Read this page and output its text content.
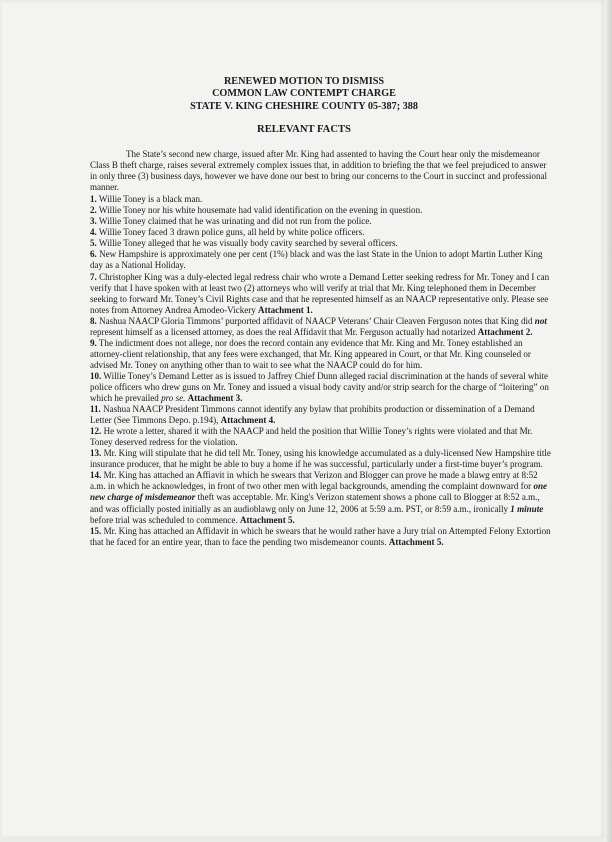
RENEWED MOTION TO DISMISS
COMMON LAW CONTEMPT CHARGE
STATE V. KING CHESHIRE COUNTY 05-387; 388
RELEVANT FACTS

The State’s second new charge, issued after Mr. King had assented to having the Court hear only the misdemeanor Class B theft charge, raises several extremely complex issues that, in addition to briefing the that we feel prejudiced to answer in only three (3) business days, however we have done our best to bring our concerns to the Court in succinct and professional manner.

1. Willie Toney is a black man.

2. Willie Toney nor his white housemate had valid identification on the evening in question.

3. Willie Toney claimed that he was urinating and did not run from the police.

4. Willie Toney faced 3 drawn police guns, all held by white police officers.

5. Willie Toney alleged that he was visually body cavity searched by several officers.

6. New Hampshire is approximately one per cent (1%) black and was the last State in the Union to adopt Martin Luther King day as a National Holiday.

7. Christopher King was a duly-elected legal redress chair who wrote a Demand Letter seeking redress for Mr. Toney and I can verify that I have spoken with at least two (2) attorneys who will verify at trial that Mr. King telephoned them in December seeking to forward Mr. Toney’s Civil Rights case and that he represented himself as an NAACP representative only. Please see notes from Attorney Andrea Amodeo-Vickery Attachment 1.

8. Nashua NAACP Gloria Timmons’ purported affidavit of NAACP Veterans’ Chair Cleaven Ferguson notes that King did not represent himself as a licensed attorney, as does the real Affidavit that Mr. Ferguson actually had notarized Attachment 2.

9. The indictment does not allege, nor does the record contain any evidence that Mr. King and Mr. Toney established an attorney-client relationship, that any fees were exchanged, that Mr. King appeared in Court, or that Mr. King counseled or advised Mr. Toney on anything other than to wait to see what the NAACP could do for him.

10. Willie Toney’s Demand Letter as is issued to Jaffrey Chief Dunn alleged racial discrimination at the hands of several white police officers who drew guns on Mr. Toney and issued a visual body cavity and/or strip search for the charge of “loitering” on which he prevailed pro se. Attachment 3.

11. Nashua NAACP President Timmons cannot identify any bylaw that prohibits production or dissemination of a Demand Letter (See Timmons Depo. p.194), Attachment 4.

12. He wrote a letter, shared it with the NAACP and held the position that Willie Toney’s rights were violated and that Mr. Toney deserved redress for the violation.

13. Mr. King will stipulate that he did tell Mr. Toney, using his knowledge accumulated as a duly-licensed New Hampshire title insurance producer, that he might be able to buy a home if he was successful, particularly under a first-time buyer’s program.

14. Mr. King has attached an Affiavit in which he swears that Verizon and Blogger can prove he made a blawg entry at 8:52 a.m. in which he acknowledges, in front of two other men with legal backgrounds, amending the complaint downward for one new charge of misdemeanor theft was acceptable. Mr. King's Verizon statement shows a phone call to Blogger at 8:52 a.m., and was officially posted initially as an audioblawg only on June 12, 2006 at 5:59 a.m. PST, or 8:59 a.m., ironically 1 minute before trial was scheduled to commence. Attachment 5.

15. Mr. King has attached an Affidavit in which he swears that he would rather have a Jury trial on Attempted Felony Extortion that he faced for an entire year, than to face the pending two misdemeanor counts. Attachment 5.
